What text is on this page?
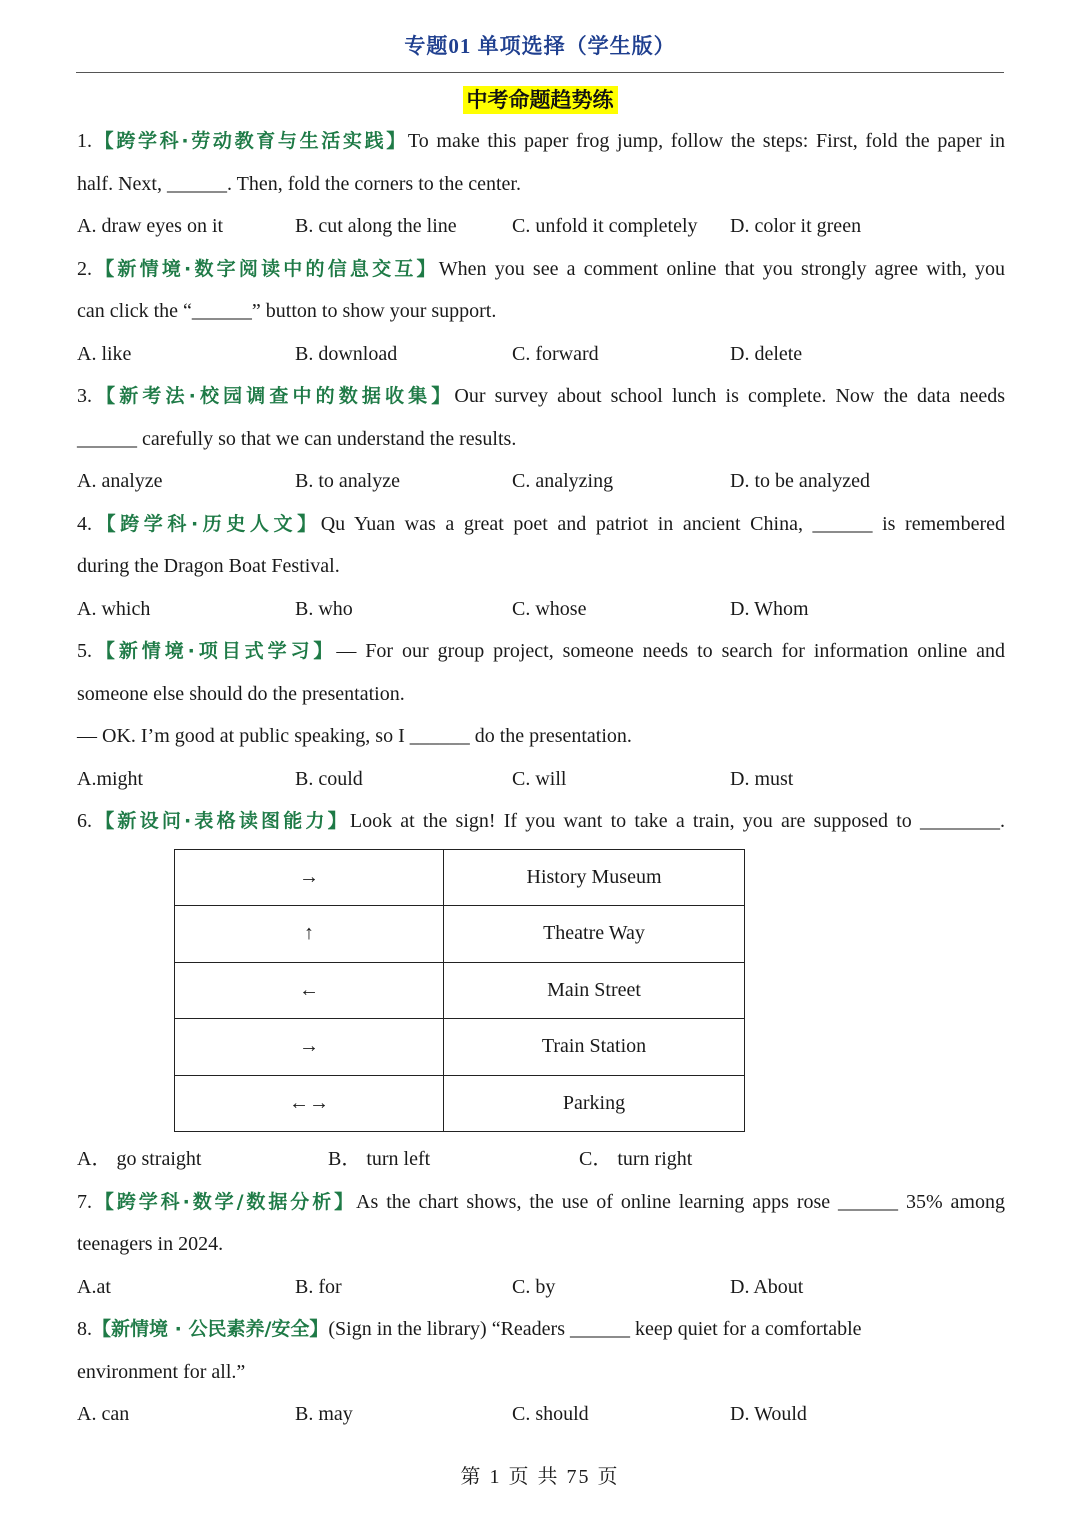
专题01 单项选择（学生版）
中考命题趋势练
1.【跨学科·劳动教育与生活实践】To make this paper frog jump, follow the steps: First, fold the paper in
half. Next, ______. Then, fold the corners to the center.
A. draw eyes on it	B. cut along the line	C. unfold it completely D. color it green
2.【新情境·数字阅读中的信息交互】When you see a comment online that you strongly agree with, you
can click the “______” button to show your support.
A. like	B. download	C. forward	D. delete
3.【新考法·校园调查中的数据收集】Our survey about school lunch is complete. Now the data needs
______ carefully so that we can understand the results.
A. analyze	B. to analyze	C. analyzing	D. to be analyzed
4.【跨学科·历史人文】Qu Yuan was a great poet and patriot in ancient China, ______ is remembered
during the Dragon Boat Festival.
A. which	B. who	C. whose	D. Whom
5.【新情境·项目式学习】— For our group project, someone needs to search for information online and
someone else should do the presentation.
— OK. I’m good at public speaking, so I ______ do the presentation.
A.might	B. could	C. will	D. must
6.【新设问·表格读图能力】Look at the sign! If you want to take a train, you are supposed to ________.
→	History Museum
↑	Theatre Way
←	Main Street
→	Train Station
←→	Parking
A． go straight	B． turn left	C． turn right
7.【跨学科·数学/数据分析】As the chart shows, the use of online learning apps rose ______ 35% among
teenagers in 2024.
A.at	B. for	C. by	D. About
8.【新情境 · 公民素养/安全】(Sign in the library) “Readers ______ keep quiet for a comfortable
environment for all.”
A. can	B. may	C. should	D. Would
第 1 页 共 75 页
